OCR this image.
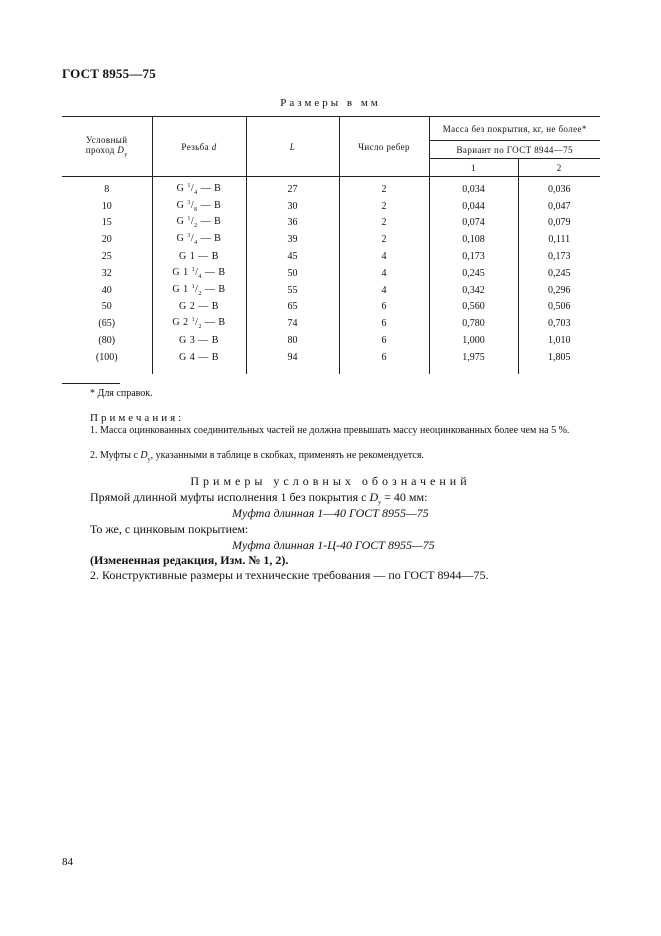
ГОСТ 8955—75
Размеры в мм
Условный
проход $D_у$	Резьба d	L	Число ребер	Масса без покрытия, кг, не более*	
				Вариант по ГОСТ 8944—75	
				1	2
8	G $^1/_4$ — B	27	2	0,034	0,036
10	G $^3/_8$ — B	30	2	0,044	0,047
15	G $^1/_2$ — B	36	2	0,074	0,079
20	G $^3/_4$ — B	39	2	0,108	0,111
25	G 1 — B	45	4	0,173	0,173
32	G 1 $^1/_4$ — B	50	4	0,245	0,245
40	G 1 $^1/_2$ — B	55	4	0,342	0,296
50	G 2 — B	65	6	0,560	0,506
(65)	G 2 $^1/_2$ — B	74	6	0,780	0,703
(80)	G 3 — B	80	6	1,000	1,010
(100)	G 4 — B	94	6	1,975	1,805
* Для справок.
Примечания:
1. Масса оцинкованных соединительных частей не должна превышать массу неоцинкованных более чем на 5 %.
2. Муфты с $D_у$, указанными в таблице в скобках, применять не рекомендуется.
Примеры условных обозначений
Прямой длинной муфты исполнения 1 без покрытия с $D_у = 40$ мм:
Муфта длинная 1—40 ГОСТ 8955—75
То же, с цинковым покрытием:
Муфта длинная 1-Ц-40 ГОСТ 8955—75
(Измененная редакция, Изм. № 1, 2).
2. Конструктивные размеры и технические требования — по ГОСТ 8944—75.
84
